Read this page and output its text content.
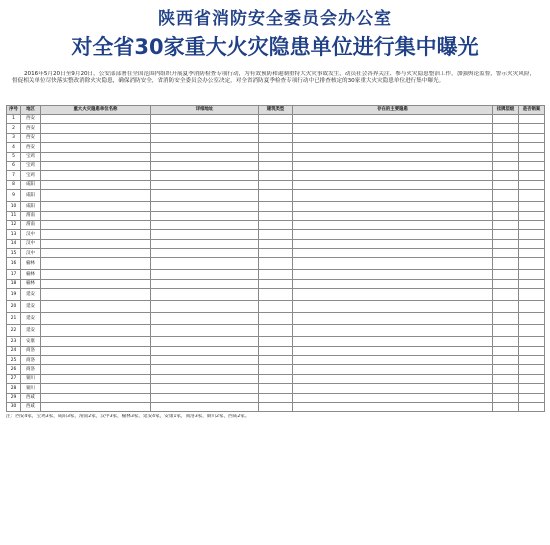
陕西省消防安全委员会办公室
对全省30家重大火灾隐患单位进行集中曝光

2016年5月20日至9月20日，公安部部署在全国范围内组织开展夏季消防检查专项行动，为有效预防和遏制重特大火灾事故发生，动员社会各界关注、参与火灾隐患整治工作，加强舆论监督，警示火灾风险，督促相关单位尽快落实整改消除火灾隐患，确保消防安全，省消防安全委员会办公室决定，对全省消防夏季检查专项行动中已排查核定的30家重大火灾隐患单位进行集中曝光。

序号	地区	重大火灾隐患单位名称	详细地址	建筑类型	存在的主要隐患	挂牌层级	是否销案
1	西安						
2	西安						
3	西安						
4	西安						
5	宝鸡						
6	宝鸡						
7	宝鸡						
8	咸阳						
9	咸阳						
10	咸阳						
11	渭南						
12	渭南						
13	汉中						
14	汉中						
15	汉中						
16	榆林						
17	榆林						
18	榆林						
19	延安						
20	延安						
21	延安						
22	延安						
23	安康						
24	商洛						
25	商洛						
26	商洛						
27	铜川						
28	铜川						
29	西咸						
30	西咸						
注：西安4家，宝鸡3家，咸阳3家，渭南2家，汉中3家，榆林3家，延安4家，安康1家，商洛3家，铜川2家，西咸2家。
